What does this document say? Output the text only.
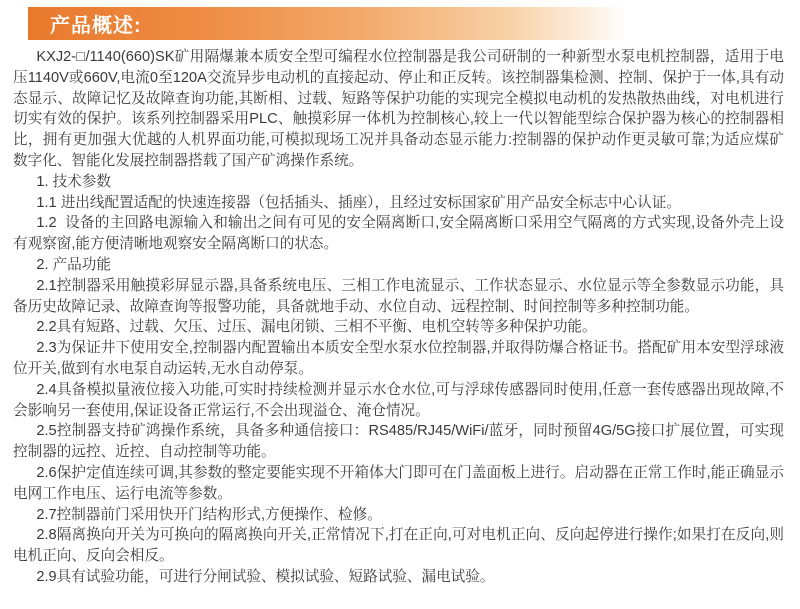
产品概述:

KXJ2-□/1140(660)SK矿用隔爆兼本质安全型可编程水位控制器是我公司研制的一种新型水泵电机控制器，适用于电压1140V或660V,电流0至120A交流异步电动机的直接起动、停止和正反转。该控制器集检测、控制、保护于一体,具有动态显示、故障记忆及故障查询功能,其断相、过载、短路等保护功能的实现完全模拟电动机的发热散热曲线，对电机进行切实有效的保护。该系列控制器采用PLC、触摸彩屏一体机为控制核心,较上一代以智能型综合保护器为核心的控制器相比，拥有更加强大优越的人机界面功能,可模拟现场工况并具备动态显示能力:控制器的保护动作更灵敏可靠;为适应煤矿数字化、智能化发展控制器搭载了国产矿鸿操作系统。

1. 技术参数

1.1 进出线配置适配的快速连接器（包括插头、插座），且经过安标国家矿用产品安全标志中心认证。

1.2  设备的主回路电源输入和输出之间有可见的安全隔离断口,安全隔离断口采用空气隔离的方式实现,设备外壳上设有观察窗,能方便清晰地观察安全隔离断口的状态。

2. 产品功能

2.1控制器采用触摸彩屏显示器,具备系统电压、三相工作电流显示、工作状态显示、水位显示等全参数显示功能，具备历史故障记录、故障查询等报警功能，具备就地手动、水位自动、远程控制、时间控制等多种控制功能。

2.2具有短路、过载、欠压、过压、漏电闭锁、三相不平衡、电机空转等多种保护功能。

2.3为保证井下使用安全,控制器内配置输出本质安全型水泵水位控制器,并取得防爆合格证书。搭配矿用本安型浮球液位开关,做到有水电泵自动运转,无水自动停泵。

2.4具备模拟量液位接入功能,可实时持续检测并显示水仓水位,可与浮球传感器同时使用,任意一套传感器出现故障,不会影响另一套使用,保证设备正常运行,不会出现溢仓、淹仓情况。

2.5控制器支持矿鸿操作系统，具备多种通信接口：RS485/RJ45/WiFi/蓝牙，同时预留4G/5G接口扩展位置，可实现控制器的远控、近控、自动控制等功能。

2.6保护定值连续可调,其参数的整定要能实现不开箱体大门即可在门盖面板上进行。启动器在正常工作时,能正确显示电网工作电压、运行电流等参数。

2.7控制器前门采用快开门结构形式,方便操作、检修。

2.8隔离换向开关为可换向的隔离换向开关,正常情况下,打在正向,可对电机正向、反向起停进行操作;如果打在反向,则电机正向、反向会相反。

2.9具有试验功能，可进行分闸试验、模拟试验、短路试验、漏电试验。
